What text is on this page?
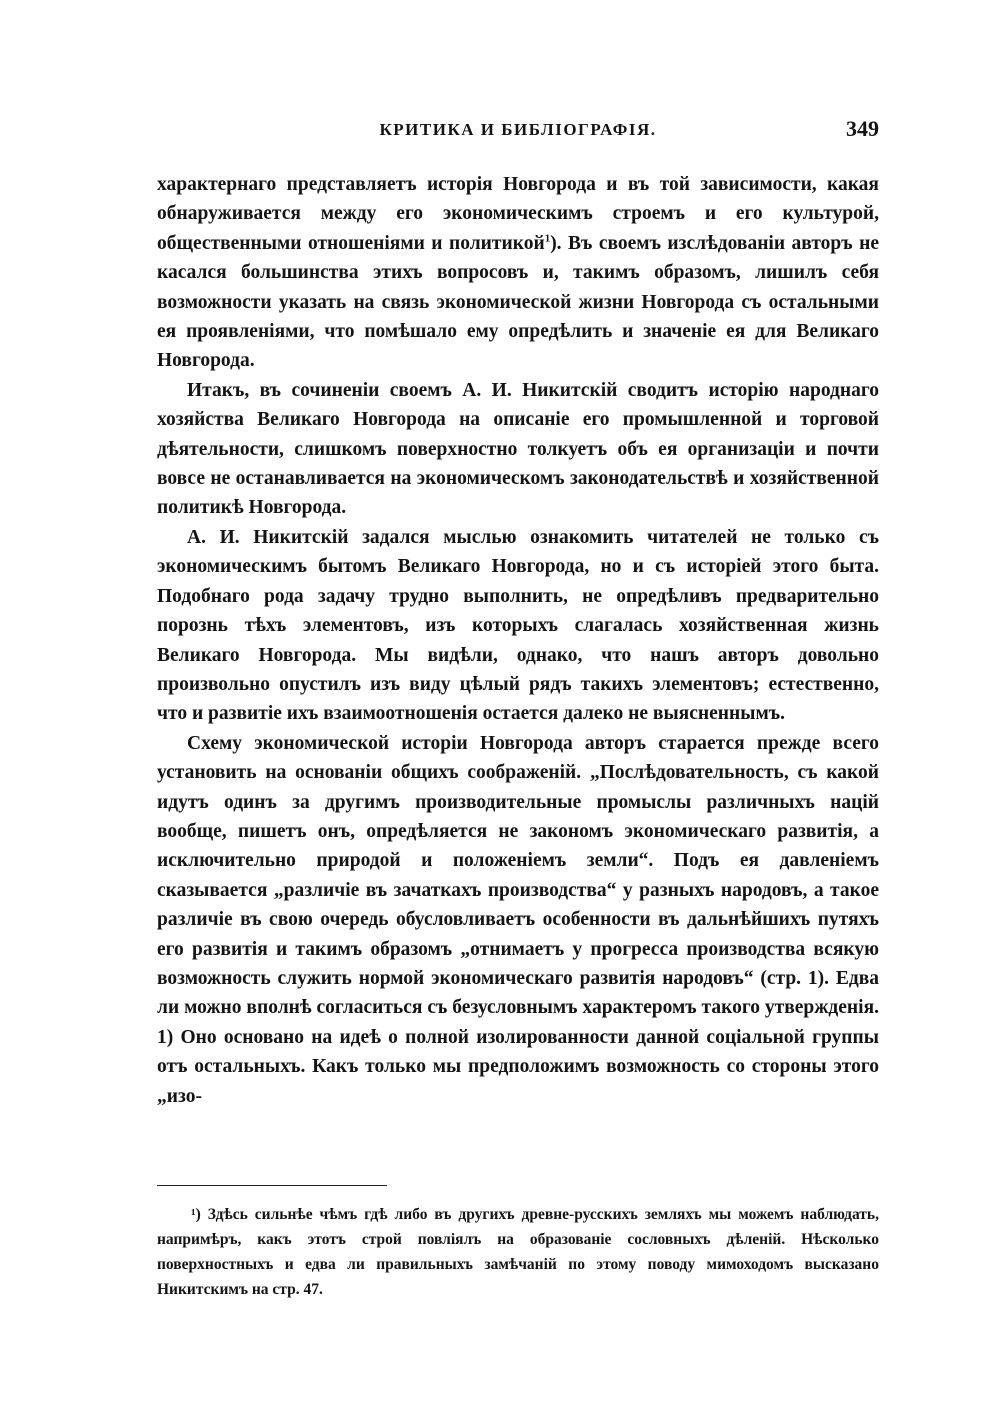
КРИТИКА И БИБЛІОГРАФІЯ.	349

характернаго представляетъ исторія Новгорода и въ той зависимости, какая обнаруживается между его экономическимъ строемъ и его культурой, общественными отношеніями и политикой$^1$). Въ своемъ изслѣдованіи авторъ не касался большинства этихъ вопросовъ и, такимъ образомъ, лишилъ себя возможности указать на связь экономической жизни Новгорода съ остальными ея проявленіями, что помѣшало ему опредѣлить и значеніе ея для Великаго Новгорода.

Итакъ, въ сочиненіи своемъ А. И. Никитскій сводитъ исторію народнаго хозяйства Великаго Новгорода на описаніе его промышленной и торговой дѣятельности, слишкомъ поверхностно толкуетъ объ ея организаціи и почти вовсе не останавливается на экономическомъ законодательствѣ и хозяйственной политикѣ Новгорода.

А. И. Никитскій задался мыслью ознакомить читателей не только съ экономическимъ бытомъ Великаго Новгорода, но и съ исторіей этого быта. Подобнаго рода задачу трудно выполнить, не опредѣливъ предварительно порознь тѣхъ элементовъ, изъ которыхъ слагалась хозяйственная жизнь Великаго Новгорода. Мы видѣли, однако, что нашъ авторъ довольно произвольно опустилъ изъ виду цѣлый рядъ такихъ элементовъ; естественно, что и развитіе ихъ взаимоотношенія остается далеко не выясненнымъ.

Схему экономической исторіи Новгорода авторъ старается прежде всего установить на основаніи общихъ соображеній. „Послѣдовательность, съ какой идутъ одинъ за другимъ производительные промыслы различныхъ націй вообще, пишетъ онъ, опредѣляется не закономъ экономическаго развитія, а исключительно природой и положеніемъ земли“. Подъ ея давленіемъ сказывается „различіе въ зачаткахъ производства“ у разныхъ народовъ, а такое различіе въ свою очередь обусловливаетъ особенности въ дальнѣйшихъ путяхъ его развитія и такимъ образомъ „отнимаетъ у прогресса производства всякую возможность служить нормой экономическаго развитія народовъ“ (стр. 1). Едва ли можно вполнѣ согласиться съ безусловнымъ характеромъ такого утвержденія. 1) Оно основано на идеѣ о полной изолированности данной соціальной группы отъ остальныхъ. Какъ только мы предположимъ возможность со стороны этого „изо-

¹) Здѣсь сильнѣе чѣмъ гдѣ либо въ другихъ древне-русскихъ земляхъ мы можемъ наблюдать, напримѣръ, какъ этотъ строй повліялъ на образованіе сословныхъ дѣленій. Нѣсколько поверхностныхъ и едва ли правильныхъ замѣчаній по этому поводу мимоходомъ высказано Никитскимъ на стр. 47.
